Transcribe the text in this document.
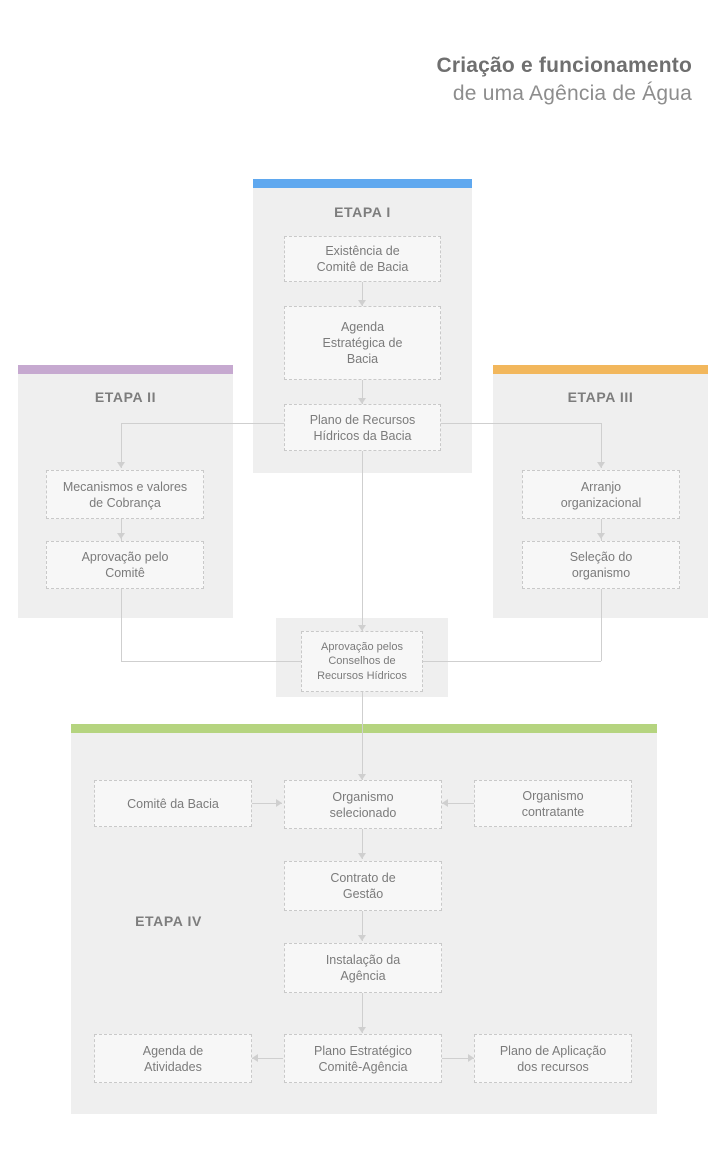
Criação e funcionamento
de uma Agência de Água
ETAPA I
ETAPA II	ETAPA III
ETAPA IV
Existência de
Comitê de Bacia
Agenda
Estratégica de
Bacia
Plano de Recursos
Hídricos da Bacia
Mecanismos e valores
de Cobrança
Aprovação pelo
Comitê
Arranjo
organizacional
Seleção do
organismo
Aprovação pelos
Conselhos de
Recursos Hídricos
Comitê da Bacia	Organismo
selecionado
Organismo
contratante
Contrato de
Gestão
Instalação da
Agência
Agenda de
Atividades
Plano Estratégico
Comitê-Agência
Plano de Aplicação
dos recursos
